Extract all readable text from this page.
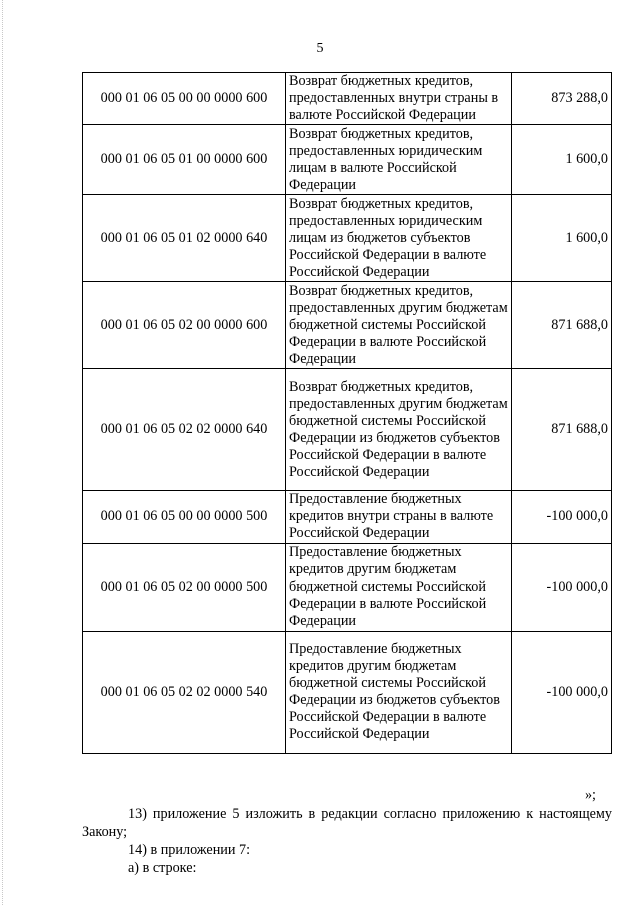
5
000 01 06 05 00 00 0000 600	Возврат бюджетных кредитов, предоставленных внутри страны в валюте Российской Федерации	873 288,0
000 01 06 05 01 00 0000 600	Возврат бюджетных кредитов, предоставленных юридическим лицам в валюте Российской Федерации	1 600,0
000 01 06 05 01 02 0000 640	Возврат бюджетных кредитов, предоставленных юридическим лицам из бюджетов субъектов Российской Федерации в валюте Российской Федерации	1 600,0
000 01 06 05 02 00 0000 600	Возврат бюджетных кредитов, предоставленных другим бюджетам бюджетной системы Российской Федерации в валюте Российской Федерации	871 688,0
000 01 06 05 02 02 0000 640	Возврат бюджетных кредитов, предоставленных другим бюджетам бюджетной системы Российской Федерации из бюджетов субъектов Российской Федерации в валюте Российской Федерации	871 688,0
000 01 06 05 00 00 0000 500	Предоставление бюджетных кредитов внутри страны в валюте Российской Федерации	-100 000,0
000 01 06 05 02 00 0000 500	Предоставление бюджетных кредитов другим бюджетам бюджетной системы Российской Федерации в валюте Российской Федерации	-100 000,0
000 01 06 05 02 02 0000 540	Предоставление бюджетных кредитов другим бюджетам бюджетной системы Российской Федерации из бюджетов субъектов Российской Федерации в валюте Российской Федерации	-100 000,0
»;
13) приложение 5 изложить в редакции согласно приложению к настоящему Закону;
14) в приложении 7:
а) в строке:
